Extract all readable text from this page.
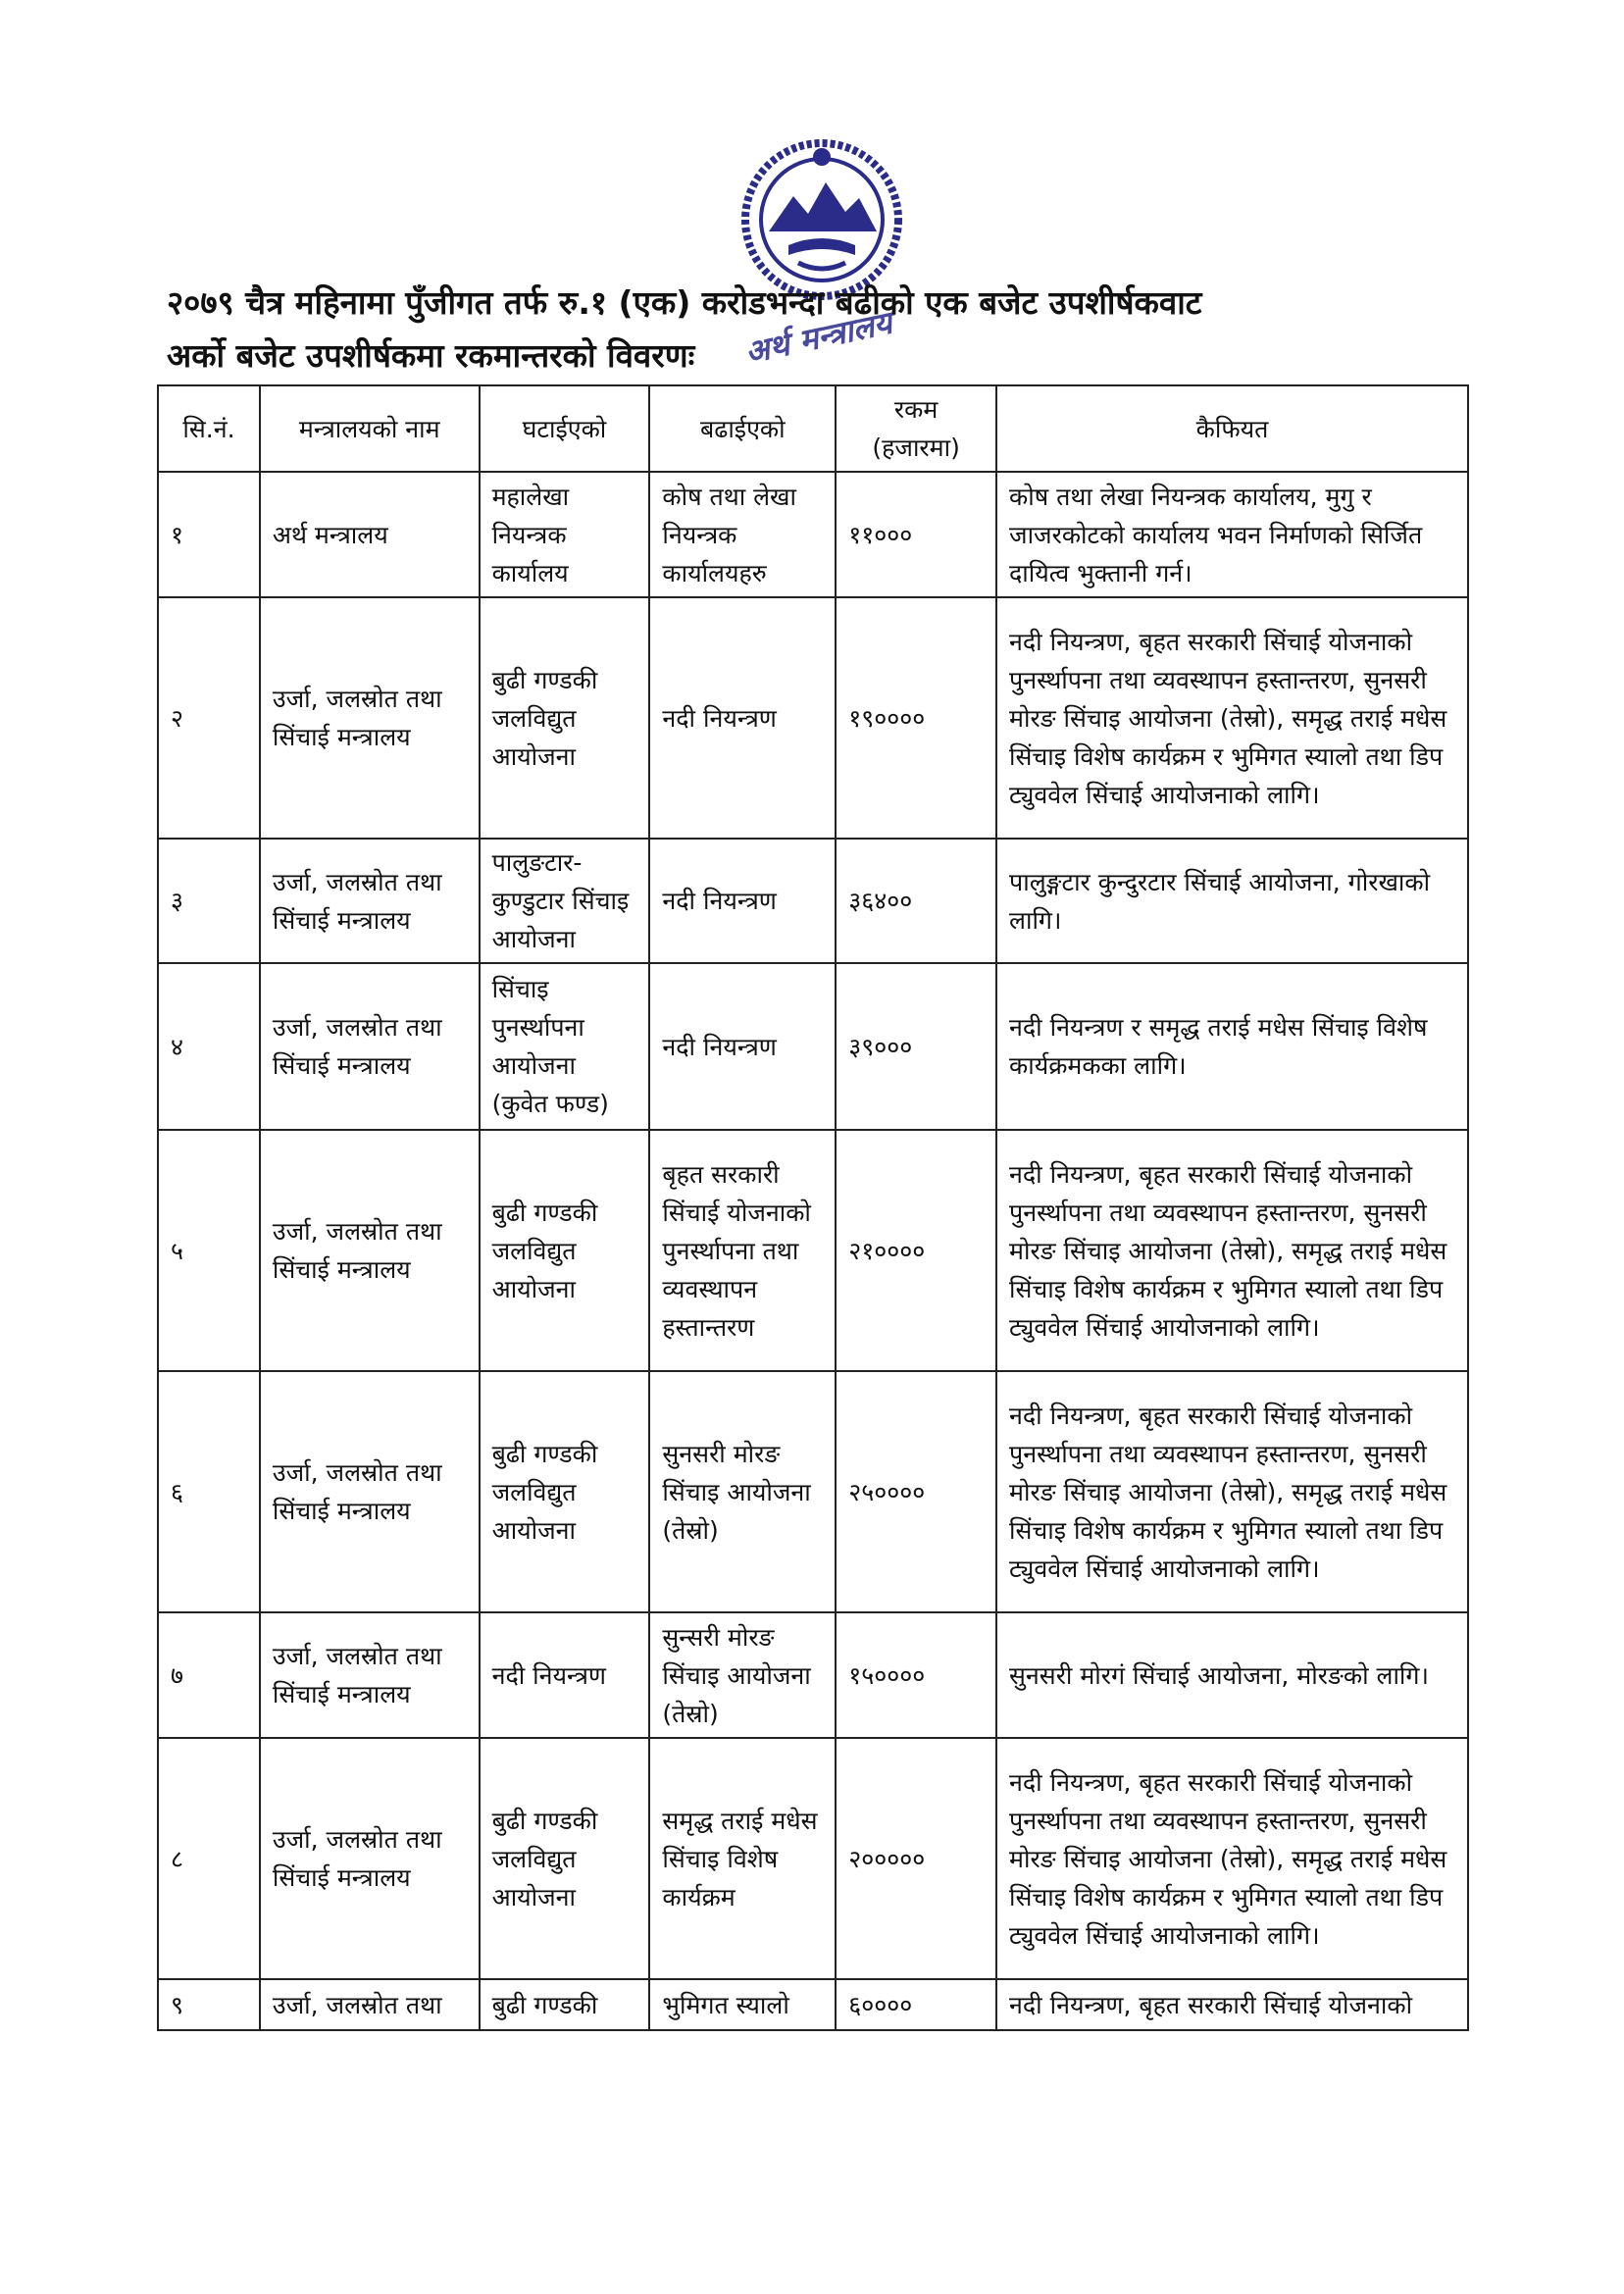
अर्थ मन्त्रालय
२०७९ चैत्र महिनामा पुँजीगत तर्फ रु.१ (एक) करोडभन्दा बढीको एक बजेट उपशीर्षकवाट
अर्को बजेट उपशीर्षकमा रकमान्तरको विवरणः
सि.नं.	मन्त्रालयको नाम	घटाईएको	बढाईएको	रकम (हजारमा)	कैफियत
१	अर्थ मन्त्रालय	महालेखा नियन्त्रक कार्यालय	कोष तथा लेखा नियन्त्रक कार्यालयहरु	११०००	कोष तथा लेखा नियन्त्रक कार्यालय, मुगु र जाजरकोटको कार्यालय भवन निर्माणको सिर्जित दायित्व भुक्तानी गर्न।
२	उर्जा, जलस्रोत तथा सिंचाई मन्त्रालय	बुढी गण्डकी जलविद्युत आयोजना	नदी नियन्त्रण	१९००००	नदी नियन्त्रण, बृहत सरकारी सिंचाई योजनाको पुनर्स्थापना तथा व्यवस्थापन हस्तान्तरण, सुनसरी मोरङ सिंचाइ आयोजना (तेस्रो), समृद्ध तराई मधेस सिंचाइ विशेष कार्यक्रम र भुमिगत स्यालो तथा डिप ट्युववेल सिंचाई आयोजनाको लागि।
३	उर्जा, जलस्रोत तथा सिंचाई मन्त्रालय	पालुङटार-कुण्डुटार सिंचाइ आयोजना	नदी नियन्त्रण	३६४००	पालुङ्गटार कुन्दुरटार सिंचाई आयोजना, गोरखाको लागि।
४	उर्जा, जलस्रोत तथा सिंचाई मन्त्रालय	सिंचाइ पुनर्स्थापना आयोजना (कुवेत फण्ड)	नदी नियन्त्रण	३९०००	नदी नियन्त्रण र समृद्ध तराई मधेस सिंचाइ विशेष कार्यक्रमकका लागि।
५	उर्जा, जलस्रोत तथा सिंचाई मन्त्रालय	बुढी गण्डकी जलविद्युत आयोजना	बृहत सरकारी सिंचाई योजनाको पुनर्स्थापना तथा व्यवस्थापन हस्तान्तरण	२१००००	नदी नियन्त्रण, बृहत सरकारी सिंचाई योजनाको पुनर्स्थापना तथा व्यवस्थापन हस्तान्तरण, सुनसरी मोरङ सिंचाइ आयोजना (तेस्रो), समृद्ध तराई मधेस सिंचाइ विशेष कार्यक्रम र भुमिगत स्यालो तथा डिप ट्युववेल सिंचाई आयोजनाको लागि।
६	उर्जा, जलस्रोत तथा सिंचाई मन्त्रालय	बुढी गण्डकी जलविद्युत आयोजना	सुनसरी मोरङ सिंचाइ आयोजना (तेस्रो)	२५००००	नदी नियन्त्रण, बृहत सरकारी सिंचाई योजनाको पुनर्स्थापना तथा व्यवस्थापन हस्तान्तरण, सुनसरी मोरङ सिंचाइ आयोजना (तेस्रो), समृद्ध तराई मधेस सिंचाइ विशेष कार्यक्रम र भुमिगत स्यालो तथा डिप ट्युववेल सिंचाई आयोजनाको लागि।
७	उर्जा, जलस्रोत तथा सिंचाई मन्त्रालय	नदी नियन्त्रण	सुन्सरी मोरङ सिंचाइ आयोजना (तेस्रो)	१५००००	सुनसरी मोरगं सिंचाई आयोजना, मोरङको लागि।
८	उर्जा, जलस्रोत तथा सिंचाई मन्त्रालय	बुढी गण्डकी जलविद्युत आयोजना	समृद्ध तराई मधेस सिंचाइ विशेष कार्यक्रम	२०००००	नदी नियन्त्रण, बृहत सरकारी सिंचाई योजनाको पुनर्स्थापना तथा व्यवस्थापन हस्तान्तरण, सुनसरी मोरङ सिंचाइ आयोजना (तेस्रो), समृद्ध तराई मधेस सिंचाइ विशेष कार्यक्रम र भुमिगत स्यालो तथा डिप ट्युववेल सिंचाई आयोजनाको लागि।
९	उर्जा, जलस्रोत तथा	बुढी गण्डकी	भुमिगत स्यालो	६००००	नदी नियन्त्रण, बृहत सरकारी सिंचाई योजनाको
